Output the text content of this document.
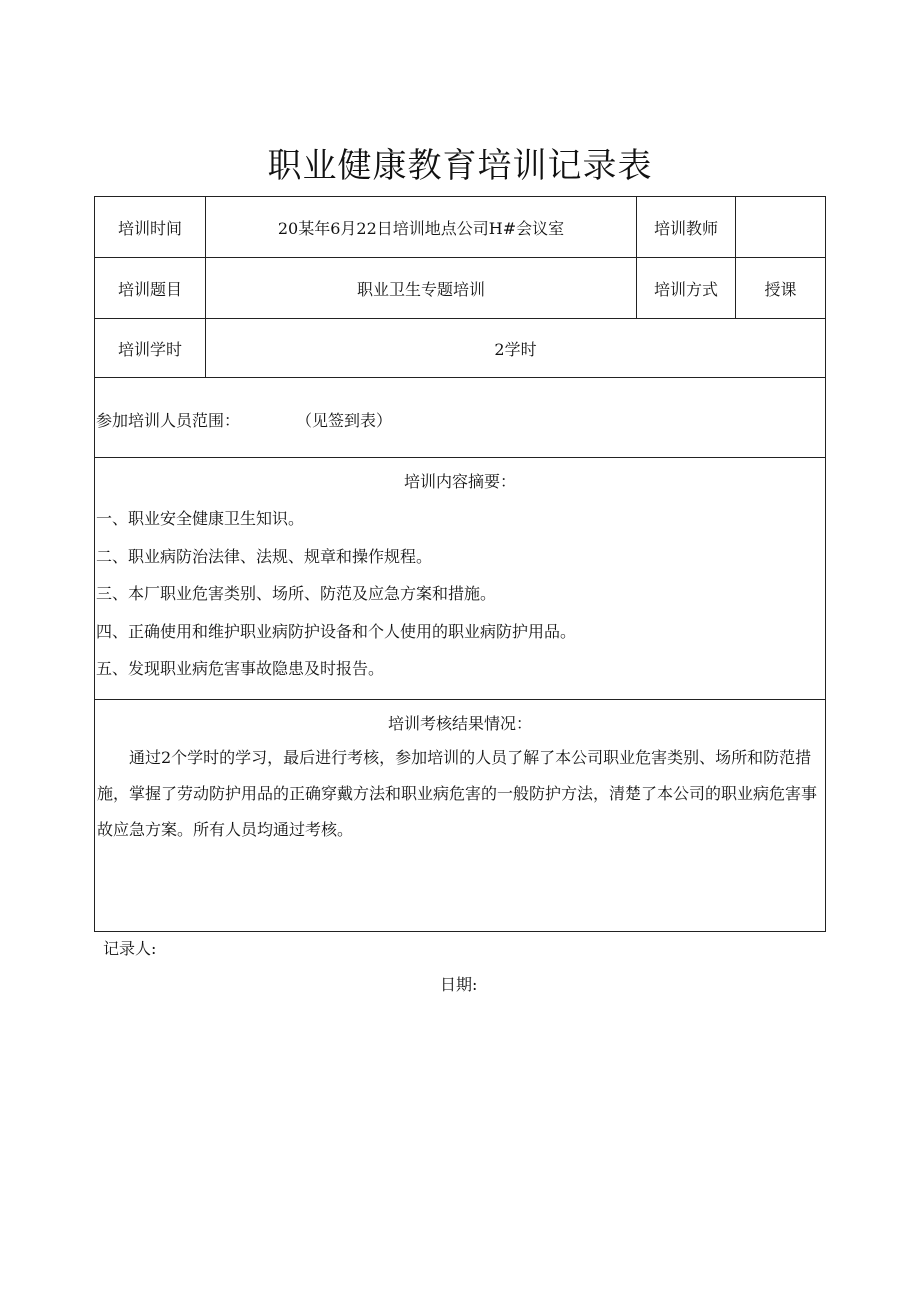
职业健康教育培训记录表
培训时间	20某年6月22日培训地点公司H#会议室	培训教师
培训题目	职业卫生专题培训	培训方式	授课
培训学时	2学时
参加培训人员范围：	（见签到表）
培训内容摘要：
一、职业安全健康卫生知识。
二、职业病防治法律、法规、规章和操作规程。
三、本厂职业危害类别、场所、防范及应急方案和措施。
四、正确使用和维护职业病防护设备和个人使用的职业病防护用品。
五、发现职业病危害事故隐患及时报告。
培训考核结果情况：
通过2个学时的学习，最后进行考核，参加培训的人员了解了本公司职业危害类别、场所和防范措施，掌握了劳动防护用品的正确穿戴方法和职业病危害的一般防护方法，清楚了本公司的职业病危害事故应急方案。所有人员均通过考核。
记录人:
日期:
